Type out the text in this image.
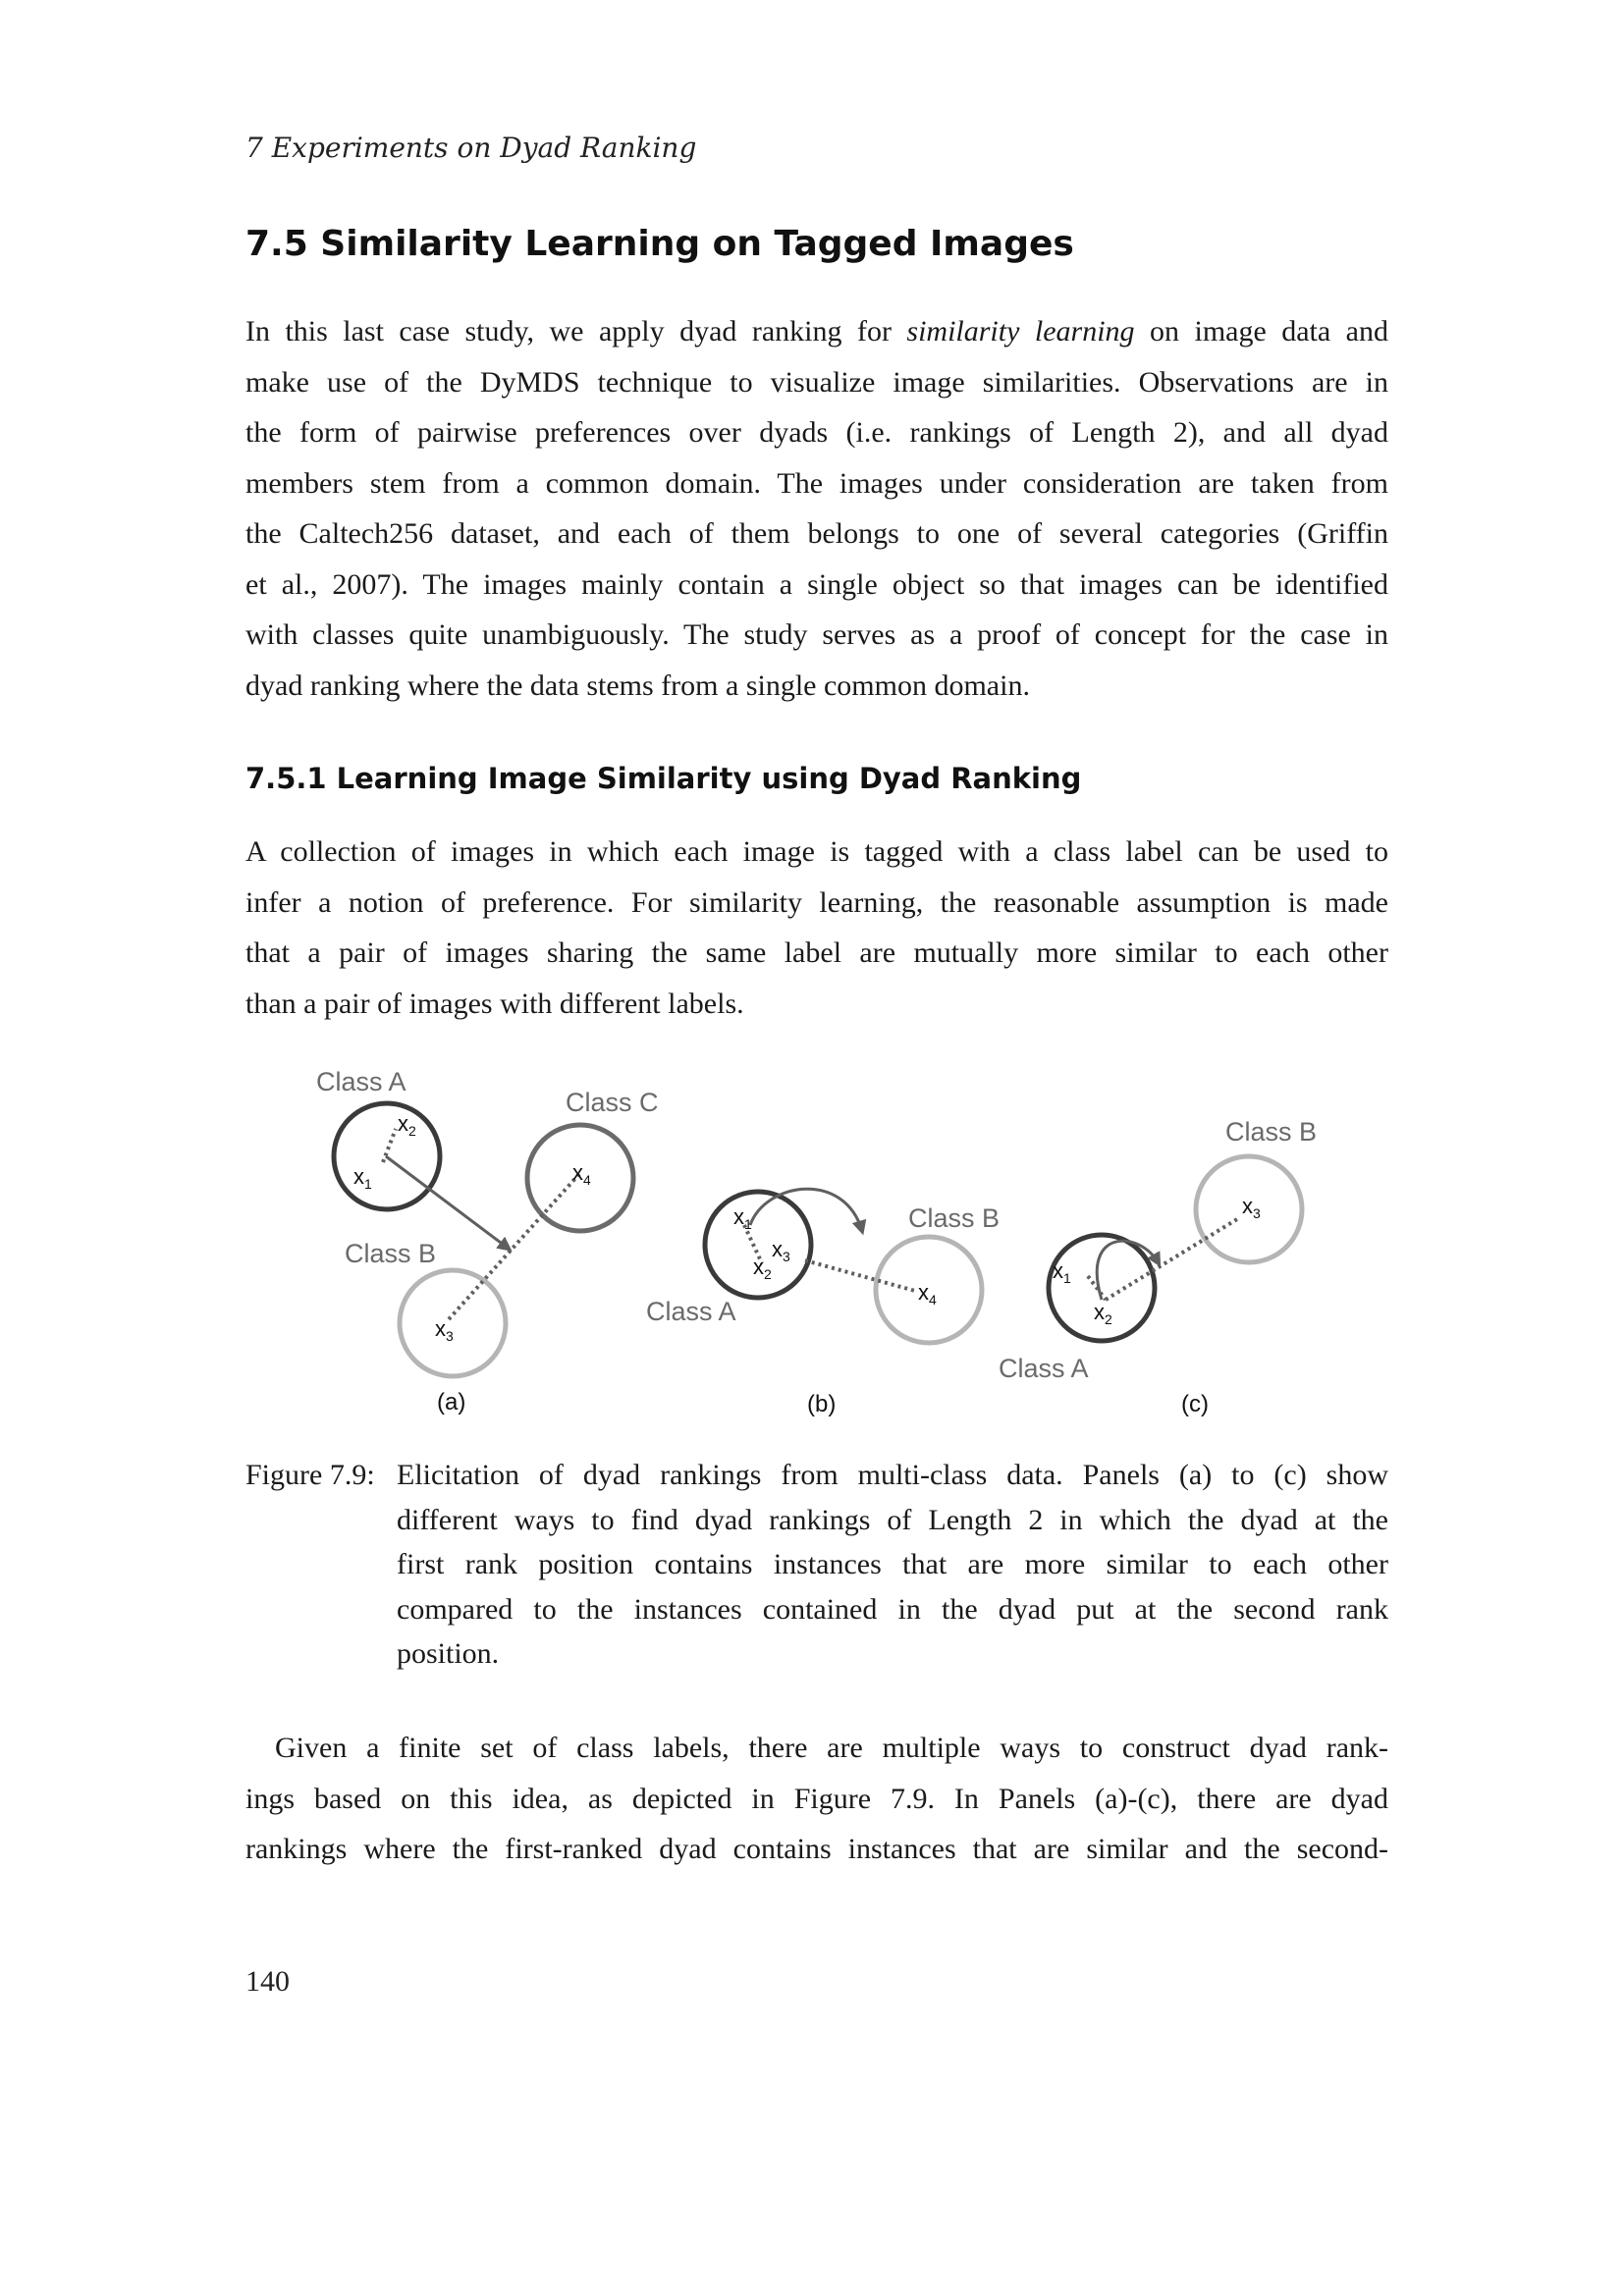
7 Experiments on Dyad Ranking
7.5 Similarity Learning on Tagged Images
In this last case study, we apply dyad ranking for similarity learning on image data and
make use of the DyMDS technique to visualize image similarities. Observations are in
the form of pairwise preferences over dyads (i.e. rankings of Length 2), and all dyad
members stem from a common domain. The images under consideration are taken from
the Caltech256 dataset, and each of them belongs to one of several categories (Griffin
et al., 2007). The images mainly contain a single object so that images can be identified
with classes quite unambiguously. The study serves as a proof of concept for the case in
dyad ranking where the data stems from a single common domain.
7.5.1 Learning Image Similarity using Dyad Ranking
A collection of images in which each image is tagged with a class label can be used to
infer a notion of preference. For similarity learning, the reasonable assumption is made
that a pair of images sharing the same label are mutually more similar to each other
than a pair of images with different labels.
Class A
Class C
Class B
$x_2$
$x_1$	$x_4$
$x_3$
(a)
Class B
Class A
$x_1$
$x_3$
$x_2$
$x_4$
(b)
Class B
Class A
$x_1$
$x_2$
$x_3$
(c)
Figure 7.9: Elicitation of dyad rankings from multi-class data. Panels (a) to (c) show
different ways to find dyad rankings of Length 2 in which the dyad at the
first rank position contains instances that are more similar to each other
compared to the instances contained in the dyad put at the second rank
position.
Given a finite set of class labels, there are multiple ways to construct dyad rank-
ings based on this idea, as depicted in Figure 7.9. In Panels (a)-(c), there are dyad
rankings where the first-ranked dyad contains instances that are similar and the second-
140
